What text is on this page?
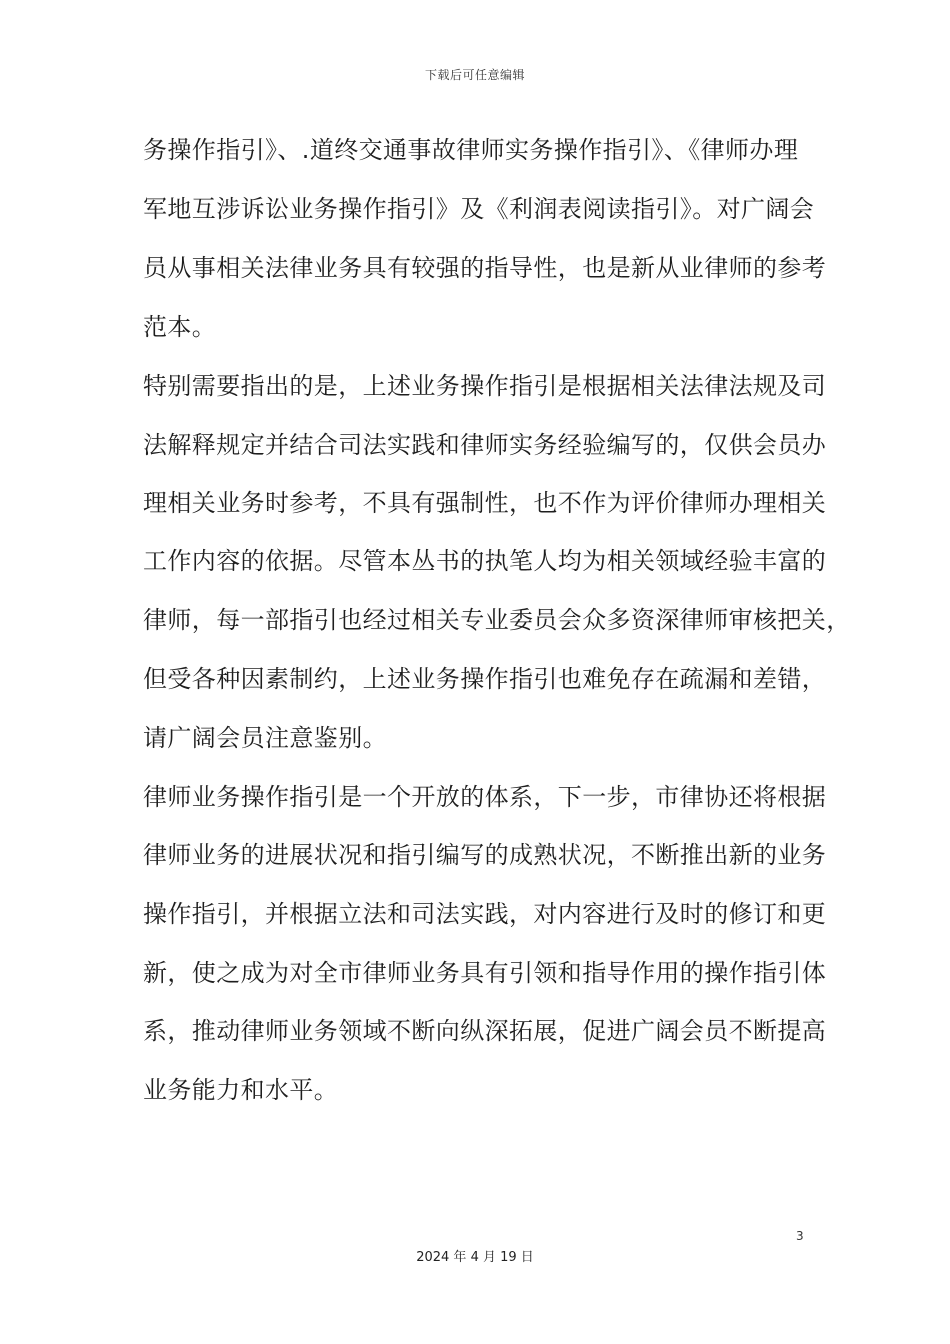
下载后可任意编辑
务操作指引》、.道终交通事故律师实务操作指引》、《律师办理
军地互涉诉讼业务操作指引》及《利润表阅读指引》。对广阔会
员从事相关法律业务具有较强的指导性，也是新从业律师的参考
范本。
特别需要指出的是，上述业务操作指引是根据相关法律法规及司
法解释规定并结合司法实践和律师实务经验编写的，仅供会员办
理相关业务时参考，不具有强制性，也不作为评价律师办理相关
工作内容的依据。尽管本丛书的执笔人均为相关领域经验丰富的
律师，每一部指引也经过相关专业委员会众多资深律师审核把关，
但受各种因素制约，上述业务操作指引也难免存在疏漏和差错，
请广阔会员注意鉴别。
律师业务操作指引是一个开放的体系，下一步，市律协还将根据
律师业务的进展状况和指引编写的成熟状况，不断推出新的业务
操作指引，并根据立法和司法实践，对内容进行及时的修订和更
新，使之成为对全市律师业务具有引领和指导作用的操作指引体
系，推动律师业务领域不断向纵深拓展，促进广阔会员不断提高
业务能力和水平。
3
2024 年 4 月 19 日
